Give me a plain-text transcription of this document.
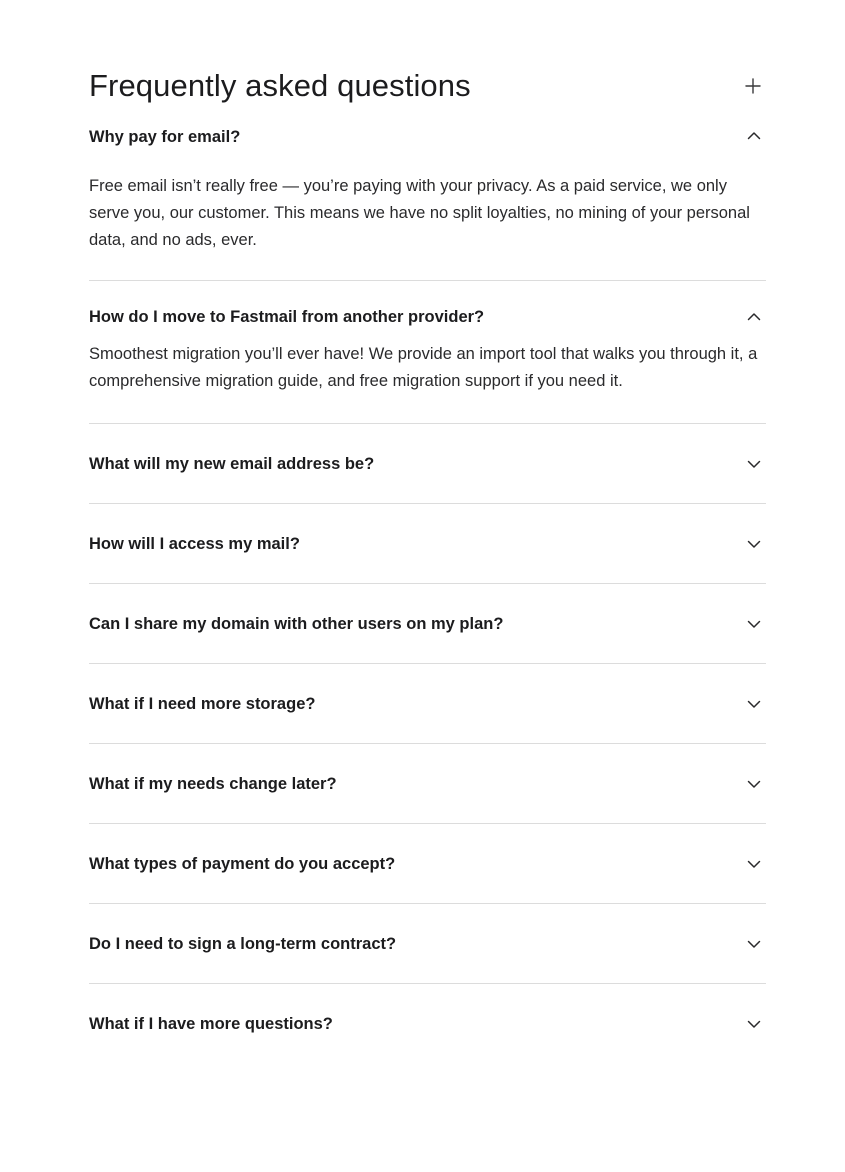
Frequently asked questions
Why pay for email?
Free email isn’t really free — you’re paying with your privacy. As a paid service, we only serve you, our customer. This means we have no split loyalties, no mining of your personal data, and no ads, ever.
How do I move to Fastmail from another provider?
Smoothest migration you’ll ever have! We provide an import tool that walks you through it, a comprehensive migration guide, and free migration support if you need it.
What will my new email address be?
How will I access my mail?
Can I share my domain with other users on my plan?
What if I need more storage?
What if my needs change later?
What types of payment do you accept?
Do I need to sign a long-term contract?
What if I have more questions?
